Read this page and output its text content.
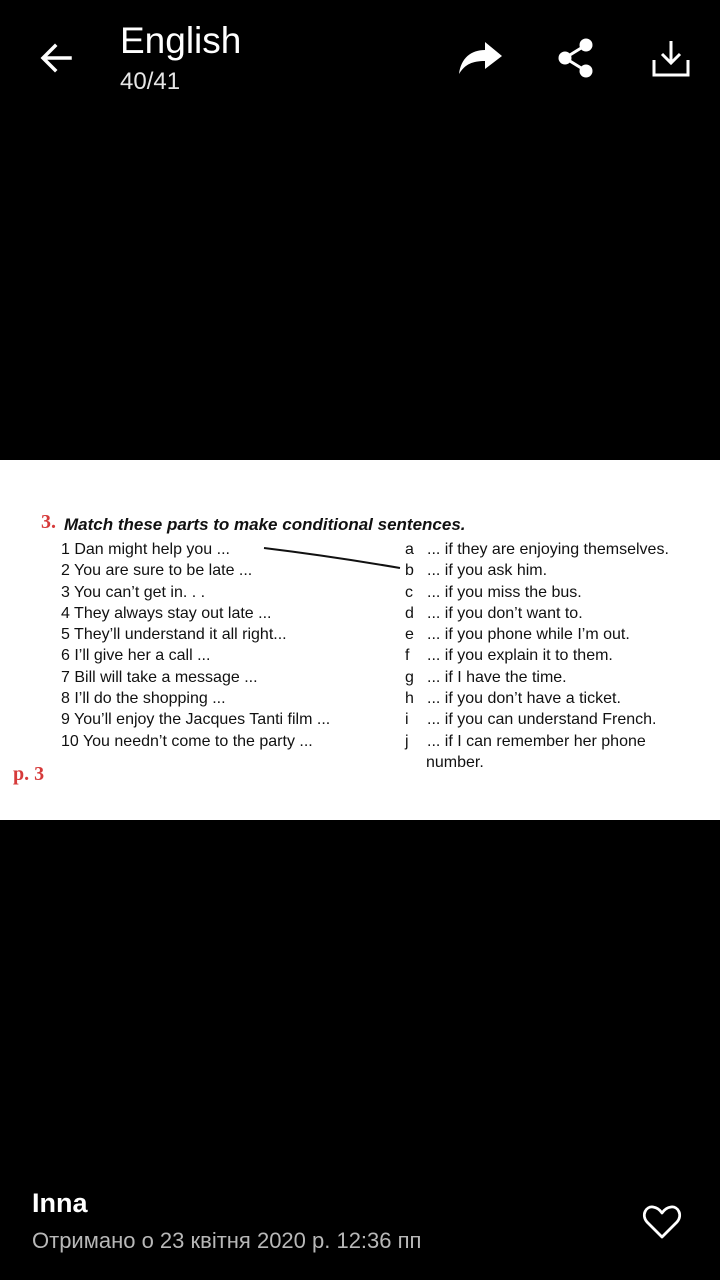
English
40/41
3. Match these parts to make conditional sentences.
1 Dan might help you ...
2 You are sure to be late ...
3 You can’t get in. . .
4 They always stay out late ...
5 They’ll understand it all right...
6 I’ll give her a call ...
7 Bill will take a message ...
8 I’ll do the shopping ...
9 You’ll enjoy the Jacques Tanti film ...
10 You needn’t come to the party ...
a ... if they are enjoying themselves.
b ... if you ask him.
c ... if you miss the bus.
d ... if you don’t want to.
e ... if you phone while I’m out.
f ... if you explain it to them.
g ... if I have the time.
h ... if you don’t have a ticket.
i ... if you can understand French.
j ... if I can remember her phone
number.
p. 3
Inna
Отримано о 23 квітня 2020 р. 12:36 пп
